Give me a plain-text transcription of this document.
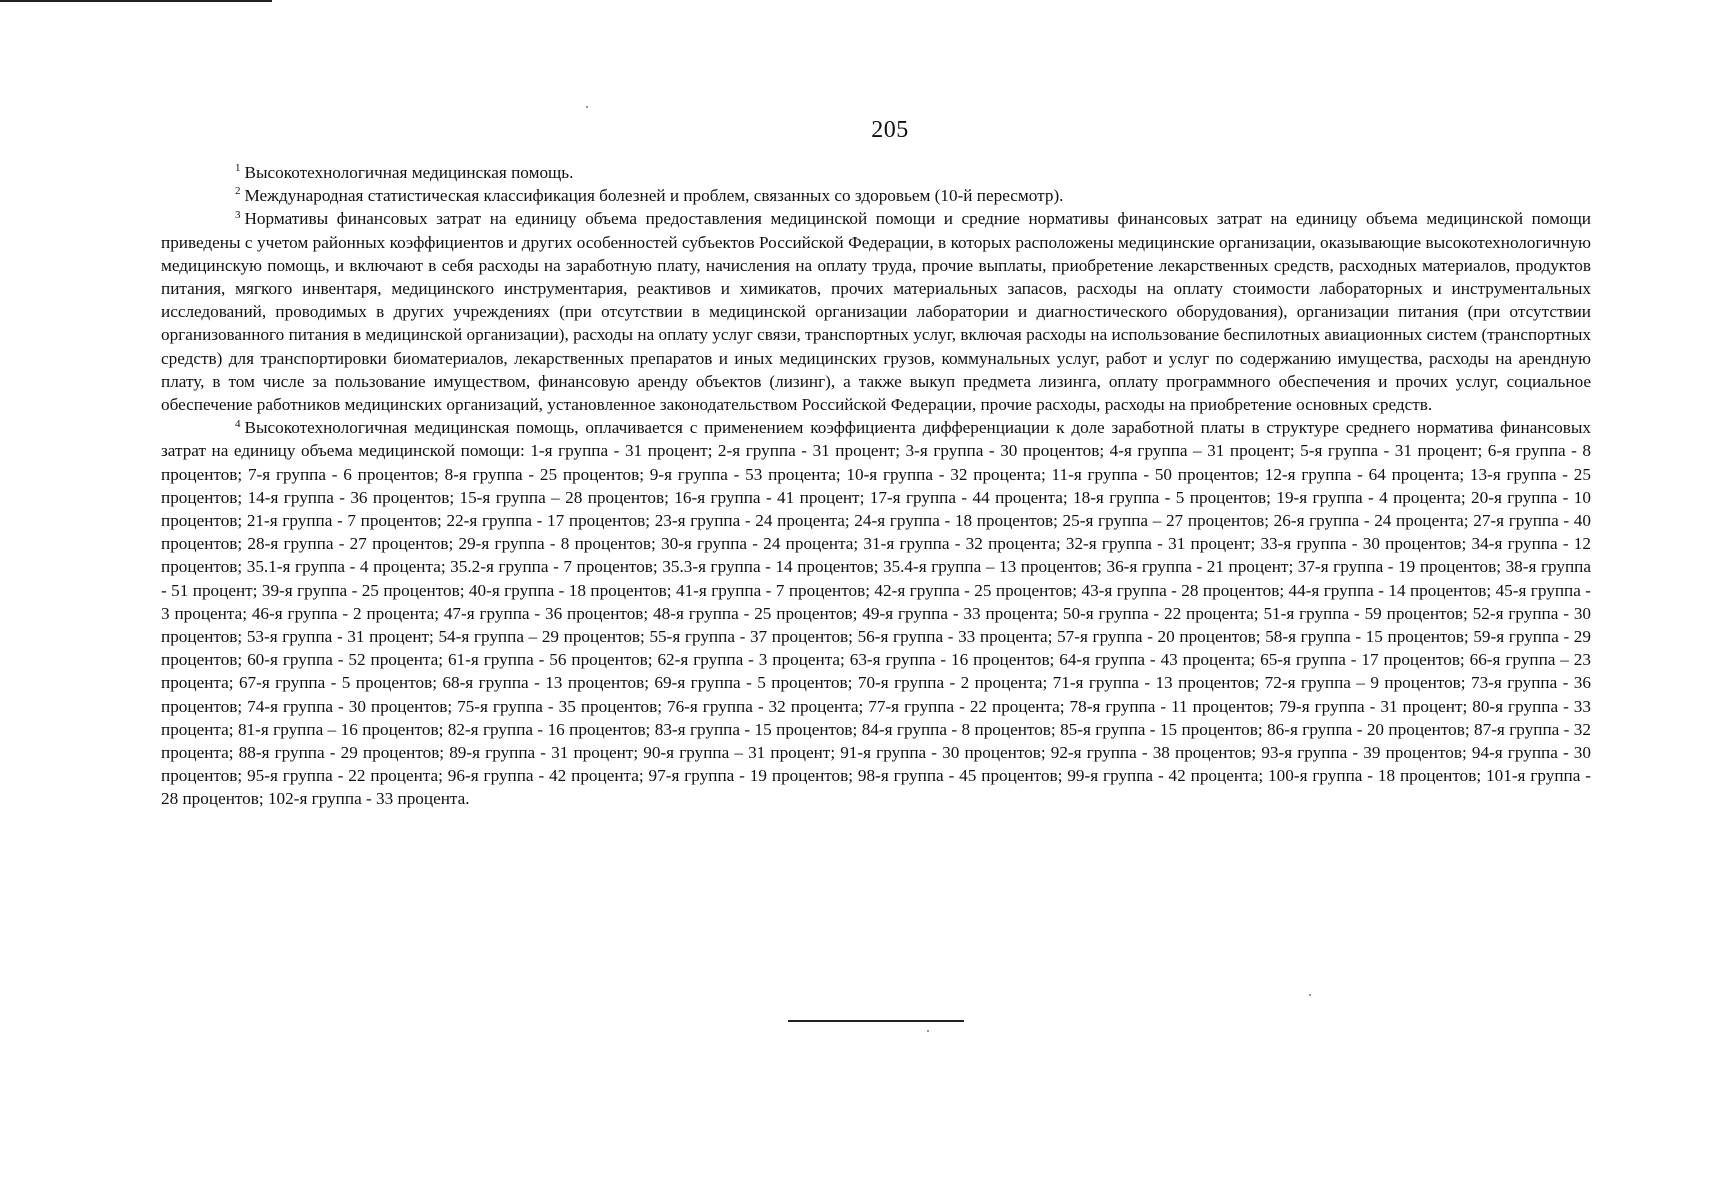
205

$^1$ Высокотехнологичная медицинская помощь.

$^2$ Международная статистическая классификация болезней и проблем, связанных со здоровьем (10-й пересмотр).

$^3$ Нормативы финансовых затрат на единицу объема предоставления медицинской помощи и средние нормативы финансовых затрат на единицу объема медицинской помощи приведены с учетом районных коэффициентов и других особенностей субъектов Российской Федерации, в которых расположены медицинские организации, оказывающие высокотехнологичную медицинскую помощь, и включают в себя расходы на заработную плату, начисления на оплату труда, прочие выплаты, приобретение лекарственных средств, расходных материалов, продуктов питания, мягкого инвентаря, медицинского инструментария, реактивов и химикатов, прочих материальных запасов, расходы на оплату стоимости лабораторных и инструментальных исследований, проводимых в других учреждениях (при отсутствии в медицинской организации лаборатории и диагностического оборудования), организации питания (при отсутствии организованного питания в медицинской организации), расходы на оплату услуг связи, транспортных услуг, включая расходы на использование беспилотных авиационных систем (транспортных средств) для транспортировки биоматериалов, лекарственных препаратов и иных медицинских грузов, коммунальных услуг, работ и услуг по содержанию имущества, расходы на арендную плату, в том числе за пользование имуществом, финансовую аренду объектов (лизинг), а также выкуп предмета лизинга, оплату программного обеспечения и прочих услуг, социальное обеспечение работников медицинских организаций, установленное законодательством Российской Федерации, прочие расходы, расходы на приобретение основных средств.

$^4$ Высокотехнологичная медицинская помощь, оплачивается с применением коэффициента дифференциации к доле заработной платы в структуре среднего норматива финансовых затрат на единицу объема медицинской помощи: 1-я группа - 31 процент; 2-я группа - 31 процент; 3-я группа - 30 процентов; 4-я группа – 31 процент; 5-я группа - 31 процент; 6-я группа - 8 процентов; 7-я группа - 6 процентов; 8-я группа - 25 процентов; 9-я группа - 53 процента; 10-я группа - 32 процента; 11-я группа - 50 процентов; 12-я группа - 64 процента; 13-я группа - 25 процентов; 14-я группа - 36 процентов; 15-я группа – 28 процентов; 16-я группа - 41 процент; 17-я группа - 44 процента; 18-я группа - 5 процентов; 19-я группа - 4 процента; 20-я группа - 10 процентов; 21-я группа - 7 процентов; 22-я группа - 17 процентов; 23-я группа - 24 процента; 24-я группа - 18 процентов; 25-я группа – 27 процентов; 26-я группа - 24 процента; 27-я группа - 40 процентов; 28-я группа - 27 процентов; 29-я группа - 8 процентов; 30-я группа - 24 процента; 31-я группа - 32 процента; 32-я группа - 31 процент; 33-я группа - 30 процентов; 34-я группа - 12 процентов; 35.1-я группа - 4 процента; 35.2-я группа - 7 процентов; 35.3-я группа - 14 процентов; 35.4-я группа – 13 процентов; 36-я группа - 21 процент; 37-я группа - 19 процентов; 38-я группа - 51 процент; 39-я группа - 25 процентов; 40-я группа - 18 процентов; 41-я группа - 7 процентов; 42-я группа - 25 процентов; 43-я группа - 28 процентов; 44-я группа - 14 процентов; 45-я группа - 3 процента; 46-я группа - 2 процента; 47-я группа - 36 процентов; 48-я группа - 25 процентов; 49-я группа - 33 процента; 50-я группа - 22 процента; 51-я группа - 59 процентов; 52-я группа - 30 процентов; 53-я группа - 31 процент; 54-я группа – 29 процентов; 55-я группа - 37 процентов; 56-я группа - 33 процента; 57-я группа - 20 процентов; 58-я группа - 15 процентов; 59-я группа - 29 процентов; 60-я группа - 52 процента; 61-я группа - 56 процентов; 62-я группа - 3 процента; 63-я группа - 16 процентов; 64-я группа - 43 процента; 65-я группа - 17 процентов; 66-я группа – 23 процента; 67-я группа - 5 процентов; 68-я группа - 13 процентов; 69-я группа - 5 процентов; 70-я группа - 2 процента; 71-я группа - 13 процентов; 72-я группа – 9 процентов; 73-я группа - 36 процентов; 74-я группа - 30 процентов; 75-я группа - 35 процентов; 76-я группа - 32 процента; 77-я группа - 22 процента; 78-я группа - 11 процентов; 79-я группа - 31 процент; 80-я группа - 33 процента; 81-я группа – 16 процентов; 82-я группа - 16 процентов; 83-я группа - 15 процентов; 84-я группа - 8 процентов; 85-я группа - 15 процентов; 86-я группа - 20 процентов; 87-я группа - 32 процента; 88-я группа - 29 процентов; 89-я группа - 31 процент; 90-я группа – 31 процент; 91-я группа - 30 процентов; 92-я группа - 38 процентов; 93-я группа - 39 процентов; 94-я группа - 30 процентов; 95-я группа - 22 процента; 96-я группа - 42 процента; 97-я группа - 19 процентов; 98-я группа - 45 процентов; 99-я группа - 42 процента; 100-я группа - 18 процентов; 101-я группа - 28 процентов; 102-я группа - 33 процента.
